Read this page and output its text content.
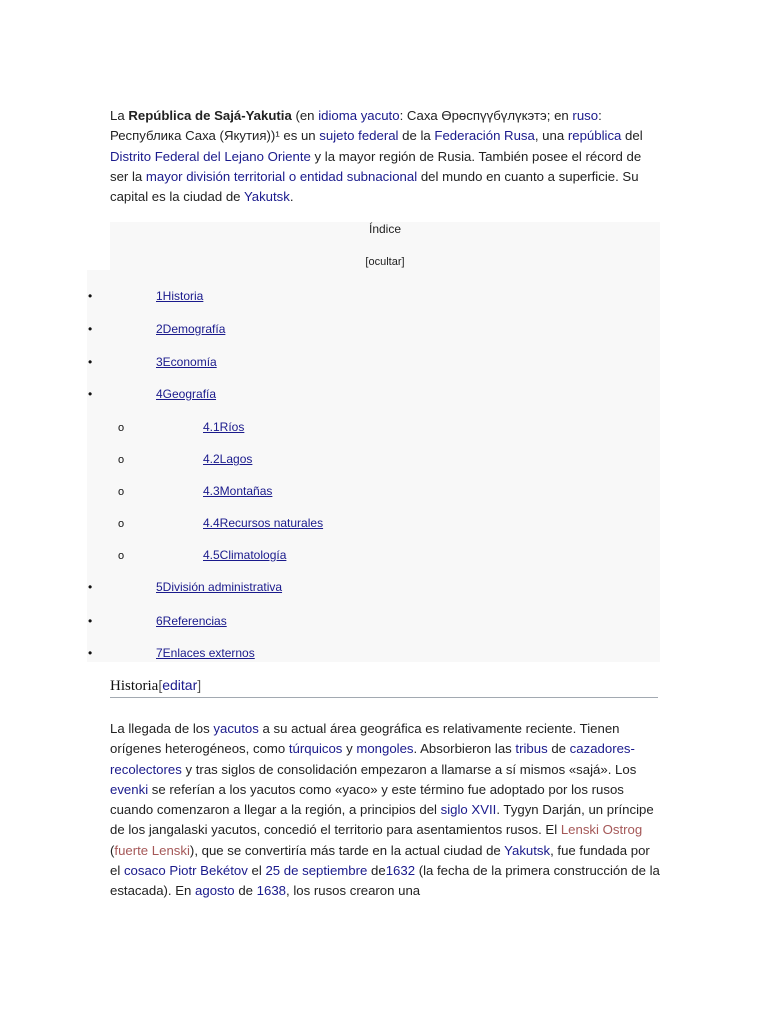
La República de Sajá-Yakutia (en idioma yacuto: Саха Өрөспүүбүлүкэтэ; en ruso: Республика Саха (Якутия))¹ es un sujeto federal de la Federación Rusa, una república del Distrito Federal del Lejano Oriente y la mayor región de Rusia. También posee el récord de ser la mayor división territorial o entidad subnacional del mundo en cuanto a superficie. Su capital es la ciudad de Yakutsk.

Índice
[ocultar]
•
1Historia
•
2Demografía
•
3Economía
•
4Geografía
o
4.1Ríos
o
4.2Lagos
o
4.3Montañas
o
4.4Recursos naturales
o
4.5Climatología
•
5División administrativa
•
6Referencias
•
7Enlaces externos
Historia[editar]

La llegada de los yacutos a su actual área geográfica es relativamente reciente. Tienen orígenes heterogéneos, como túrquicos y mongoles. Absorbieron las tribus de cazadores-recolectores y tras siglos de consolidación empezaron a llamarse a sí mismos «sajá». Los evenki se referían a los yacutos como «yaco» y este término fue adoptado por los rusos cuando comenzaron a llegar a la región, a principios del siglo XVII. Tygyn Darján, un príncipe de los jangalaski yacutos, concedió el territorio para asentamientos rusos. El Lenski Ostrog (fuerte Lenski), que se convertiría más tarde en la actual ciudad de Yakutsk, fue fundada por el cosaco Piotr Bekétov el 25 de septiembre de1632 (la fecha de la primera construcción de la estacada). En agosto de 1638, los rusos crearon una
